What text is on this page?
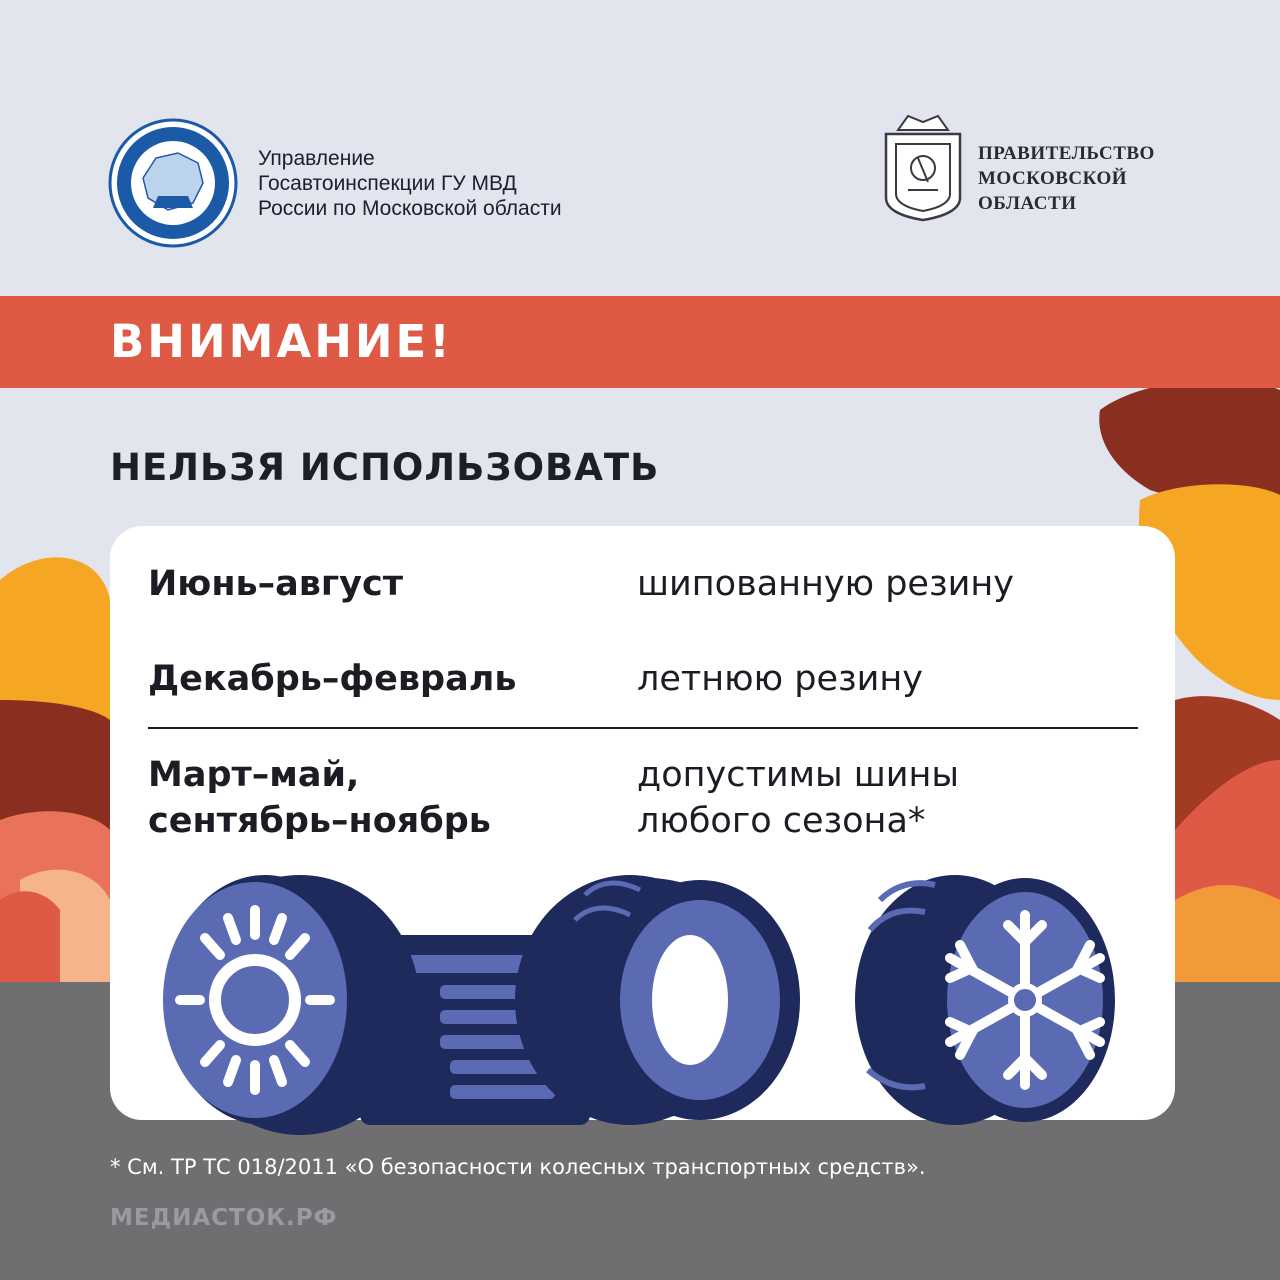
Управление
Госавтоинспекции ГУ МВД
России по Московской области
ПРАВИТЕЛЬСТВО
МОСКОВСКОЙ
ОБЛАСТИ
ВНИМАНИЕ!
НЕЛЬЗЯ ИСПОЛЬЗОВАТЬ
Июнь–август	шипованную резину
Декабрь–февраль	летнюю резину
Март–май,
сентябрь–ноябрь
допустимы шины
любого сезона*
* См. ТР ТС 018/2011 «О безопасности колесных транспортных средств».
МЕДИАСТОК.РФ
